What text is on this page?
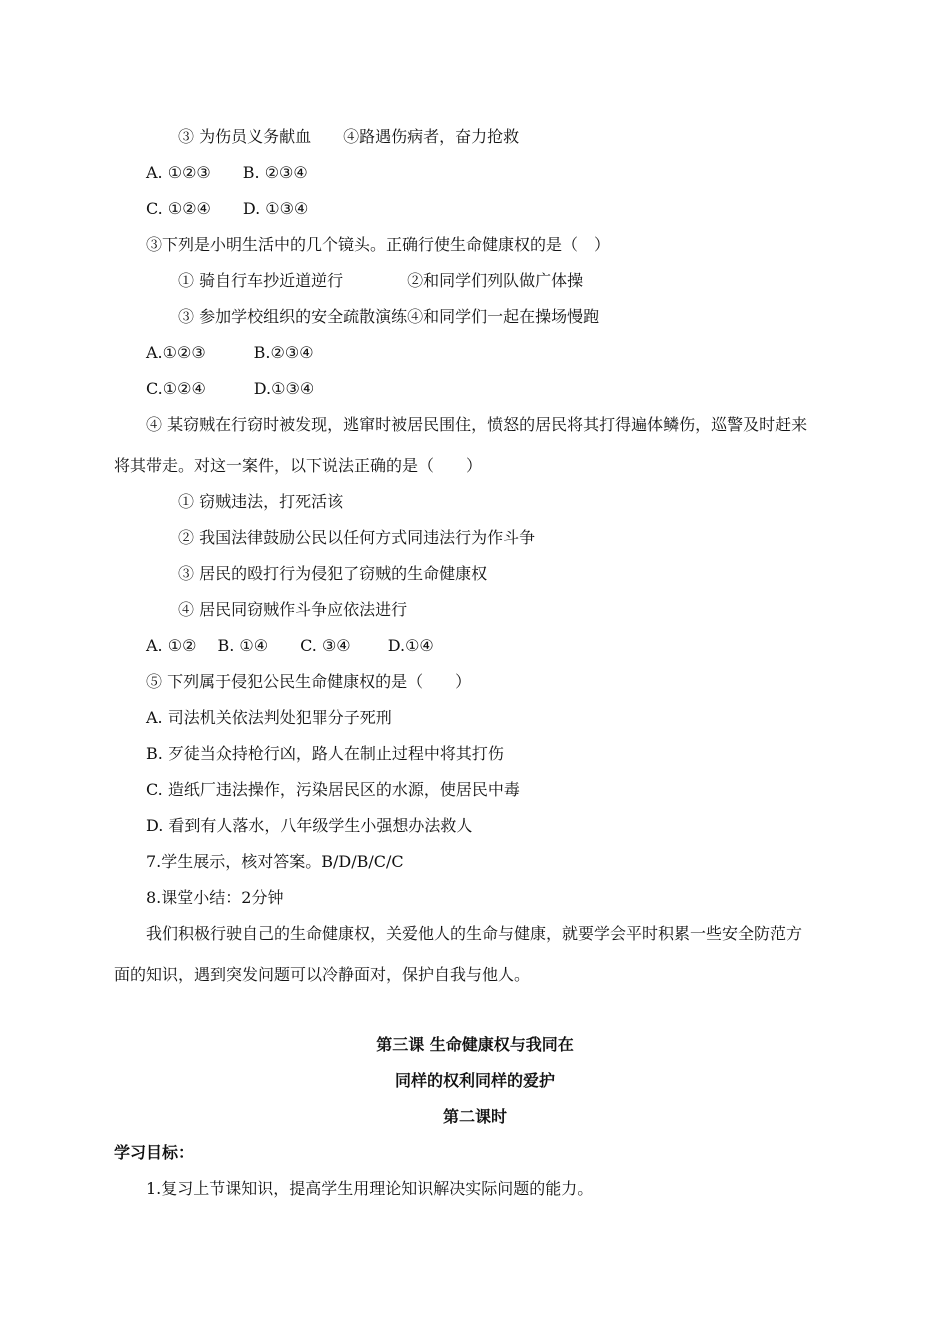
③ 为伤员义务献血　　④路遇伤病者，奋力抢救
A. ①②③　　B. ②③④
C. ①②④　　D. ①③④
③下列是小明生活中的几个镜头。正确行使生命健康权的是（　）
① 骑自行车抄近道逆行　　　　②和同学们列队做广体操
③ 参加学校组织的安全疏散演练④和同学们一起在操场慢跑
A.①②③　　　B.②③④
C.①②④　　　D.①③④
④ 某窃贼在行窃时被发现，逃窜时被居民围住，愤怒的居民将其打得遍体鳞伤，巡警及时赶来
将其带走。对这一案件，以下说法正确的是（　　）
① 窃贼违法，打死活该
② 我国法律鼓励公民以任何方式同违法行为作斗争
③ 居民的殴打行为侵犯了窃贼的生命健康权
④ 居民同窃贼作斗争应依法进行
A. ①②　 B. ①④　　C. ③④　　 D.①④
⑤ 下列属于侵犯公民生命健康权的是（　　）
A. 司法机关依法判处犯罪分子死刑
B. 歹徒当众持枪行凶，路人在制止过程中将其打伤
C. 造纸厂违法操作，污染居民区的水源，使居民中毒
D. 看到有人落水，八年级学生小强想办法救人
7.学生展示，核对答案。B/D/B/C/C
8.课堂小结：2分钟
我们积极行驶自己的生命健康权，关爱他人的生命与健康，就要学会平时积累一些安全防范方
面的知识，遇到突发问题可以冷静面对，保护自我与他人。
第三课 生命健康权与我同在
同样的权利同样的爱护
第二课时
学习目标：
1.复习上节课知识，提高学生用理论知识解决实际问题的能力。
